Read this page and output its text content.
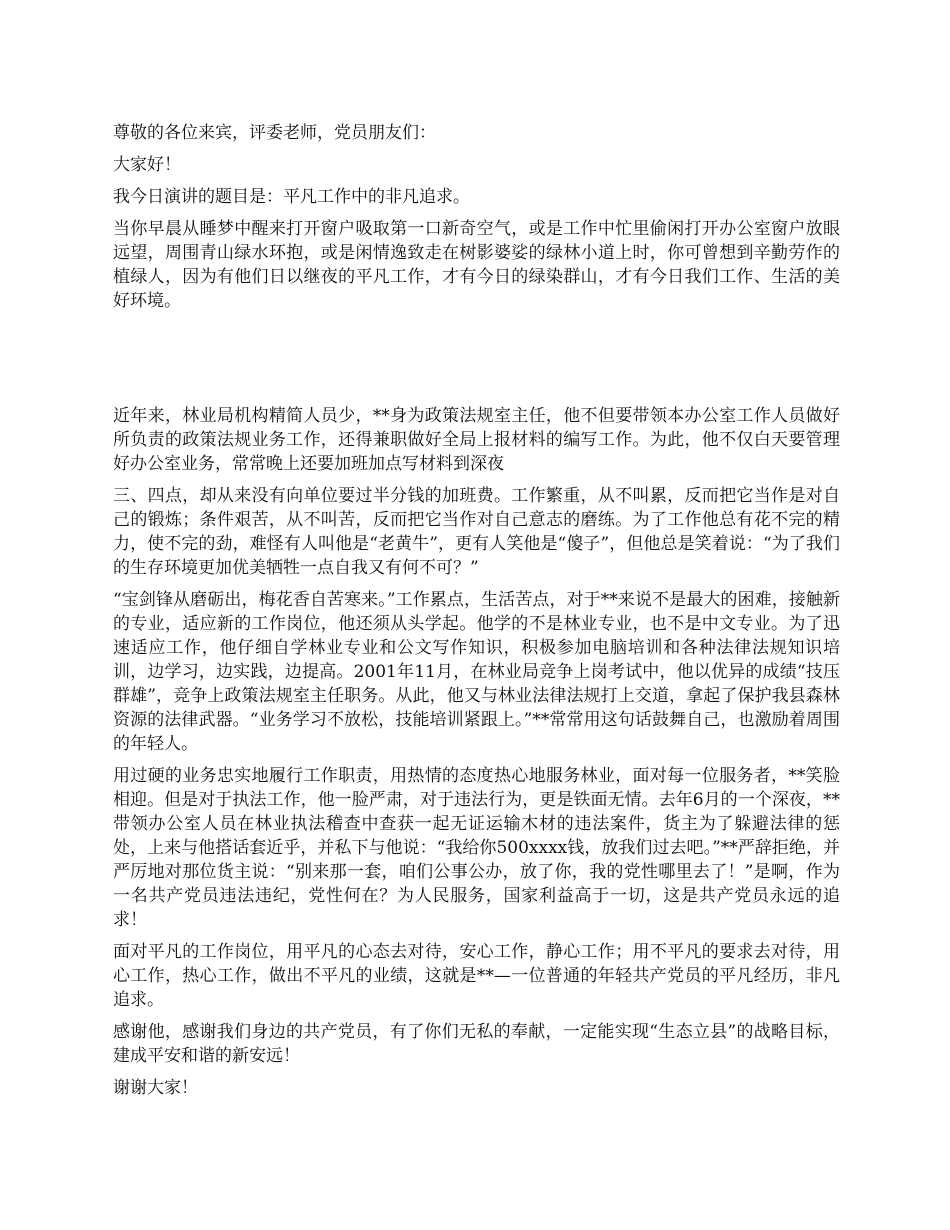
尊敬的各位来宾，评委老师，党员朋友们：

大家好！

我今日演讲的题目是：平凡工作中的非凡追求。

当你早晨从睡梦中醒来打开窗户吸取第一口新奇空气，或是工作中忙里偷闲打开办公室窗户放眼远望，周围青山绿水环抱，或是闲情逸致走在树影婆娑的绿林小道上时，你可曾想到辛勤劳作的植绿人，因为有他们日以继夜的平凡工作，才有今日的绿染群山，才有今日我们工作、生活的美好环境。

近年来，林业局机构精简人员少，**身为政策法规室主任，他不但要带领本办公室工作人员做好所负责的政策法规业务工作，还得兼职做好全局上报材料的编写工作。为此，他不仅白天要管理好办公室业务，常常晚上还要加班加点写材料到深夜

三、四点，却从来没有向单位要过半分钱的加班费。工作繁重，从不叫累，反而把它当作是对自己的锻炼；条件艰苦，从不叫苦，反而把它当作对自己意志的磨练。为了工作他总有花不完的精力，使不完的劲，难怪有人叫他是“老黄牛”，更有人笑他是“傻子”，但他总是笑着说：“为了我们的生存环境更加优美牺牲一点自我又有何不可？”

“宝剑锋从磨砺出，梅花香自苦寒来。”工作累点，生活苦点，对于**来说不是最大的困难，接触新的专业，适应新的工作岗位，他还须从头学起。他学的不是林业专业，也不是中文专业。为了迅速适应工作，他仔细自学林业专业和公文写作知识，积极参加电脑培训和各种法律法规知识培训，边学习，边实践，边提高。2001年11月，在林业局竞争上岗考试中，他以优异的成绩“技压群雄”，竞争上政策法规室主任职务。从此，他又与林业法律法规打上交道，拿起了保护我县森林资源的法律武器。“业务学习不放松，技能培训紧跟上。”**常常用这句话鼓舞自己，也激励着周围的年轻人。

用过硬的业务忠实地履行工作职责，用热情的态度热心地服务林业，面对每一位服务者，**笑脸相迎。但是对于执法工作，他一脸严肃，对于违法行为，更是铁面无情。去年6月的一个深夜，**带领办公室人员在林业执法稽查中查获一起无证运输木材的违法案件，货主为了躲避法律的惩处，上来与他搭话套近乎，并私下与他说：“我给你500xxxx钱，放我们过去吧。”**严辞拒绝，并严厉地对那位货主说：“别来那一套，咱们公事公办，放了你，我的党性哪里去了！”是啊，作为一名共产党员违法违纪，党性何在？为人民服务，国家利益高于一切，这是共产党员永远的追求！

面对平凡的工作岗位，用平凡的心态去对待，安心工作，静心工作；用不平凡的要求去对待，用心工作，热心工作，做出不平凡的业绩，这就是**—一位普通的年轻共产党员的平凡经历，非凡追求。

感谢他，感谢我们身边的共产党员，有了你们无私的奉献，一定能实现“生态立县”的战略目标，建成平安和谐的新安远！

谢谢大家！
